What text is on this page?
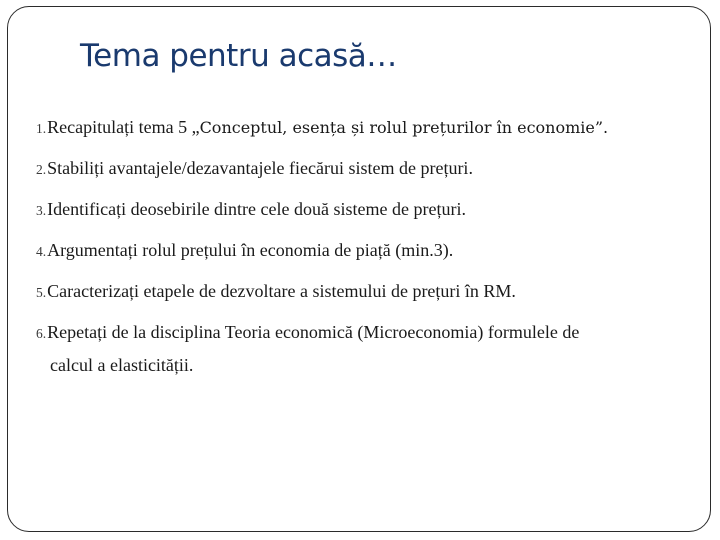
Tema pentru acasă…
1.Recapitulați tema 5 „Conceptul, esența și rolul prețurilor în economie”.
2.Stabiliți avantajele/dezavantajele fiecărui sistem de prețuri.
3.Identificați deosebirile dintre cele două sisteme de prețuri.
4.Argumentați rolul prețului în economia de piață (min.3).
5.Caracterizați etapele de dezvoltare a sistemului de prețuri în RM.
6.Repetați de la disciplina Teoria economică (Microeconomia) formulele de
calcul a elasticității.
